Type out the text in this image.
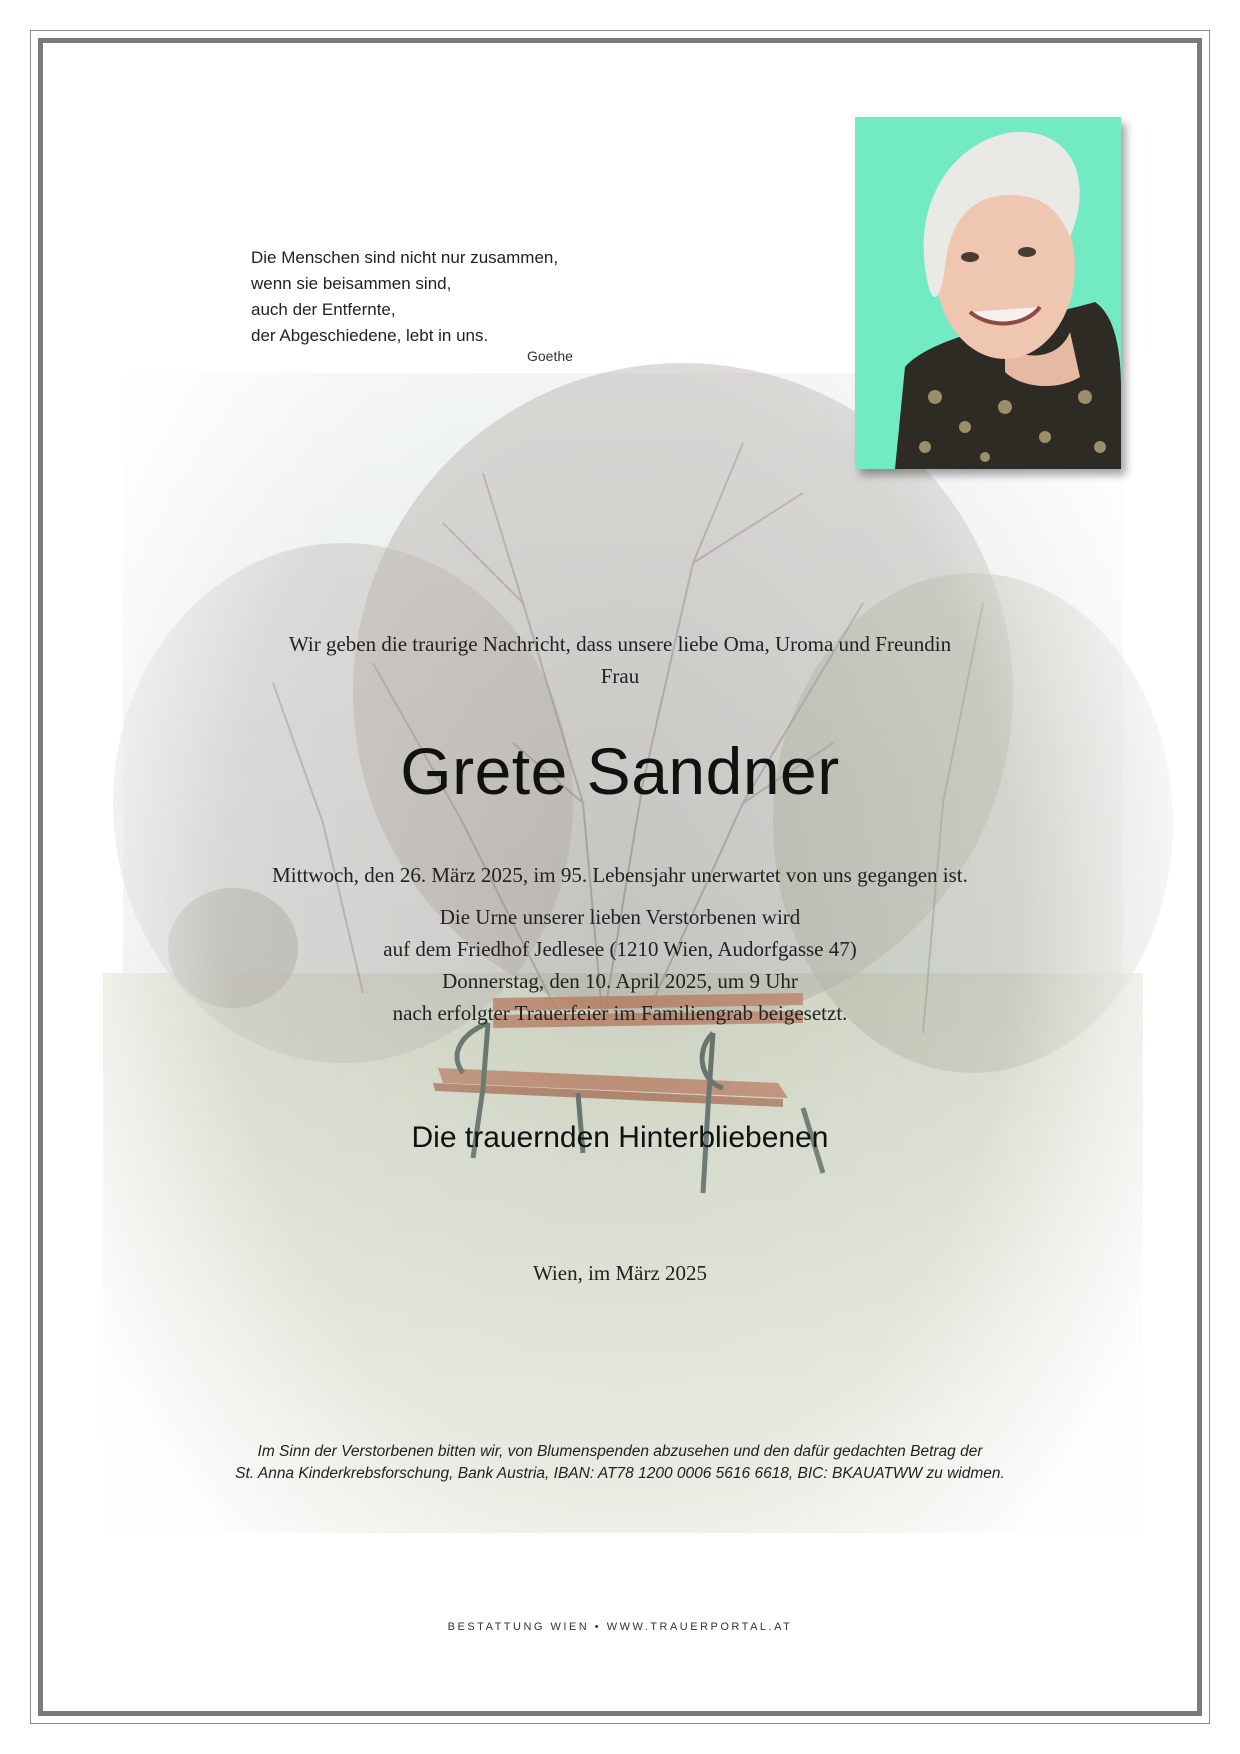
Die Menschen sind nicht nur zusammen,
wenn sie beisammen sind,
auch der Entfernte,
der Abgeschiedene, lebt in uns.
Goethe
Wir geben die traurige Nachricht, dass unsere liebe Oma, Uroma und Freundin
Frau
Grete Sandner
Mittwoch, den 26. März 2025, im 95. Lebensjahr unerwartet von uns gegangen ist.
Die Urne unserer lieben Verstorbenen wird
auf dem Friedhof Jedlesee (1210 Wien, Audorfgasse 47)
Donnerstag, den 10. April 2025, um 9 Uhr
nach erfolgter Trauerfeier im Familiengrab beigesetzt.
Die trauernden Hinterbliebenen
Wien, im März 2025
Im Sinn der Verstorbenen bitten wir, von Blumenspenden abzusehen und den dafür gedachten Betrag der
St. Anna Kinderkrebsforschung, Bank Austria, IBAN: AT78 1200 0006 5616 6618, BIC: BKAUATWW zu widmen.
BESTATTUNG WIEN • WWW.TRAUERPORTAL.AT
